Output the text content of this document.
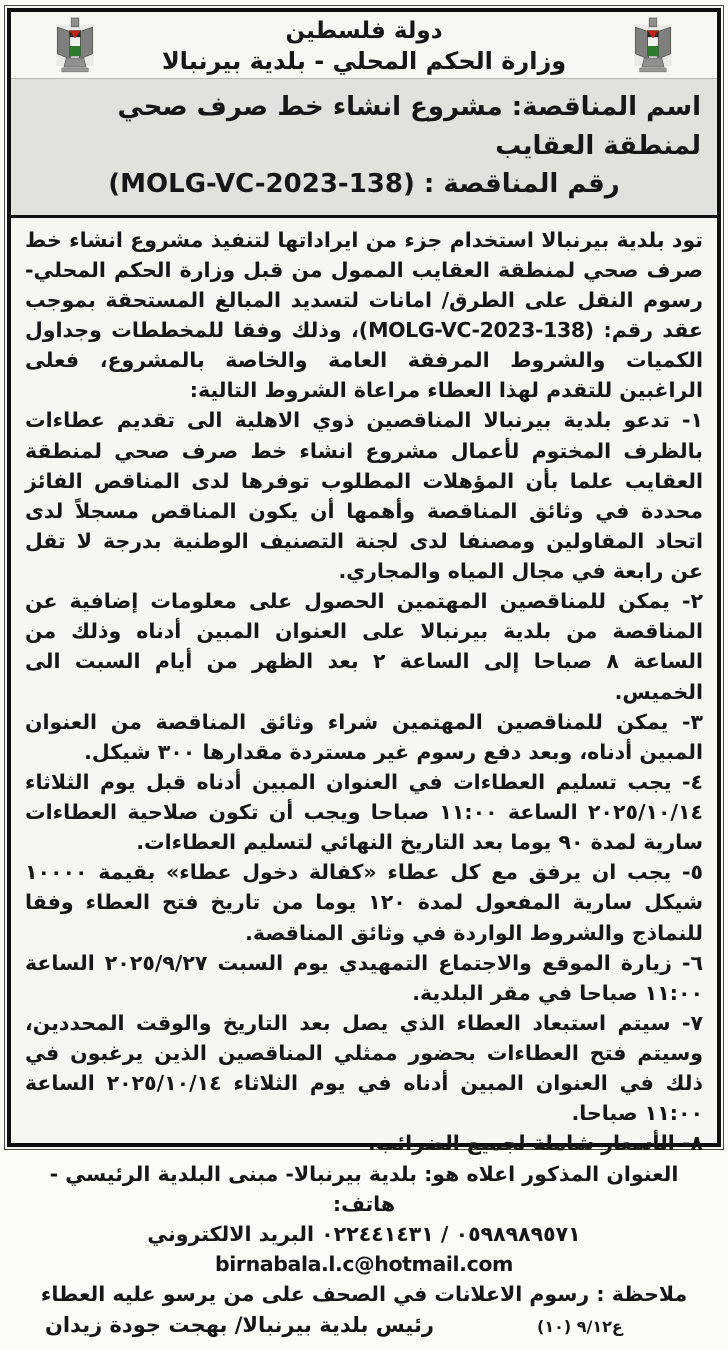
دولة فلسطين
وزارة الحكم المحلي - بلدية بيرنبالا
اسم المناقصة: مشروع انشاء خط صرف صحي لمنطقة العقايب
رقم المناقصة : (MOLG-VC-2023-138)

تود بلدية بيرنبالا استخدام جزء من ايراداتها لتنفيذ مشروع انشاء خط صرف صحي لمنطقة العقايب الممول من قبل وزارة الحكم المحلي-رسوم النقل على الطرق/ امانات لتسديد المبالغ المستحقة بموجب عقد رقم: (MOLG-VC-2023-138)، وذلك وفقا للمخططات وجداول الكميات والشروط المرفقة العامة والخاصة بالمشروع، فعلى الراغبين للتقدم لهذا العطاء مراعاة الشروط التالية:

١- تدعو بلدية بيرنبالا المناقصين ذوي الاهلية الى تقديم عطاءات بالظرف المختوم لأعمال مشروع انشاء خط صرف صحي لمنطقة العقايب علما بأن المؤهلات المطلوب توفرها لدى المناقص الفائز محددة في وثائق المناقصة وأهمها أن يكون المناقص مسجلاً لدى اتحاد المقاولين ومصنفا لدى لجنة التصنيف الوطنية بدرجة لا تقل عن رابعة في مجال المياه والمجاري.

٢- يمكن للمناقصين المهتمين الحصول على معلومات إضافية عن المناقصة من بلدية بيرنبالا على العنوان المبين أدناه وذلك من الساعة ٨ صباحا إلى الساعة ٢ بعد الظهر من أيام السبت الى الخميس.

٣- يمكن للمناقصين المهتمين شراء وثائق المناقصة من العنوان المبين أدناه، وبعد دفع رسوم غير مستردة مقدارها ٣٠٠ شيكل.

٤- يجب تسليم العطاءات في العنوان المبين أدناه قبل يوم الثلاثاء ٢٠٢٥/١٠/١٤ الساعة ١١:٠٠ صباحا ويجب أن تكون صلاحية العطاءات سارية لمدة ٩٠ يوما بعد التاريخ النهائي لتسليم العطاءات.

٥- يجب ان يرفق مع كل عطاء «كفالة دخول عطاء» بقيمة ١٠٠٠٠ شيكل سارية المفعول لمدة ١٢٠ يوما من تاريخ فتح العطاء وفقا للنماذج والشروط الواردة في وثائق المناقصة.

٦- زيارة الموقع والاجتماع التمهيدي يوم السبت ٢٠٢٥/٩/٢٧ الساعة ١١:٠٠ صباحا في مقر البلدية.

٧- سيتم استبعاد العطاء الذي يصل بعد التاريخ والوقت المحددين، وسيتم فتح العطاءات بحضور ممثلي المناقصين الذين يرغبون في ذلك في العنوان المبين أدناه في يوم الثلاثاء ٢٠٢٥/١٠/١٤ الساعة ١١:٠٠ صباحا.

٨- الأسعار شاملة لجميع الضرائب.

العنوان المذكور اعلاه هو: بلدية بيرنبالا- مبنى البلدية الرئيسي - هاتف:

٠٥٩٨٩٨٩٥٧١ / ٠٢٢٤٤١٤٣١ البريد الالكتروني birnabala.l.c@hotmail.com

ملاحظة : رسوم الاعلانات في الصحف على من يرسو عليه العطاء

رئيس بلدية بيرنبالا/ بهجت جودة زيدان	ع٩/١٢ (١٠)
